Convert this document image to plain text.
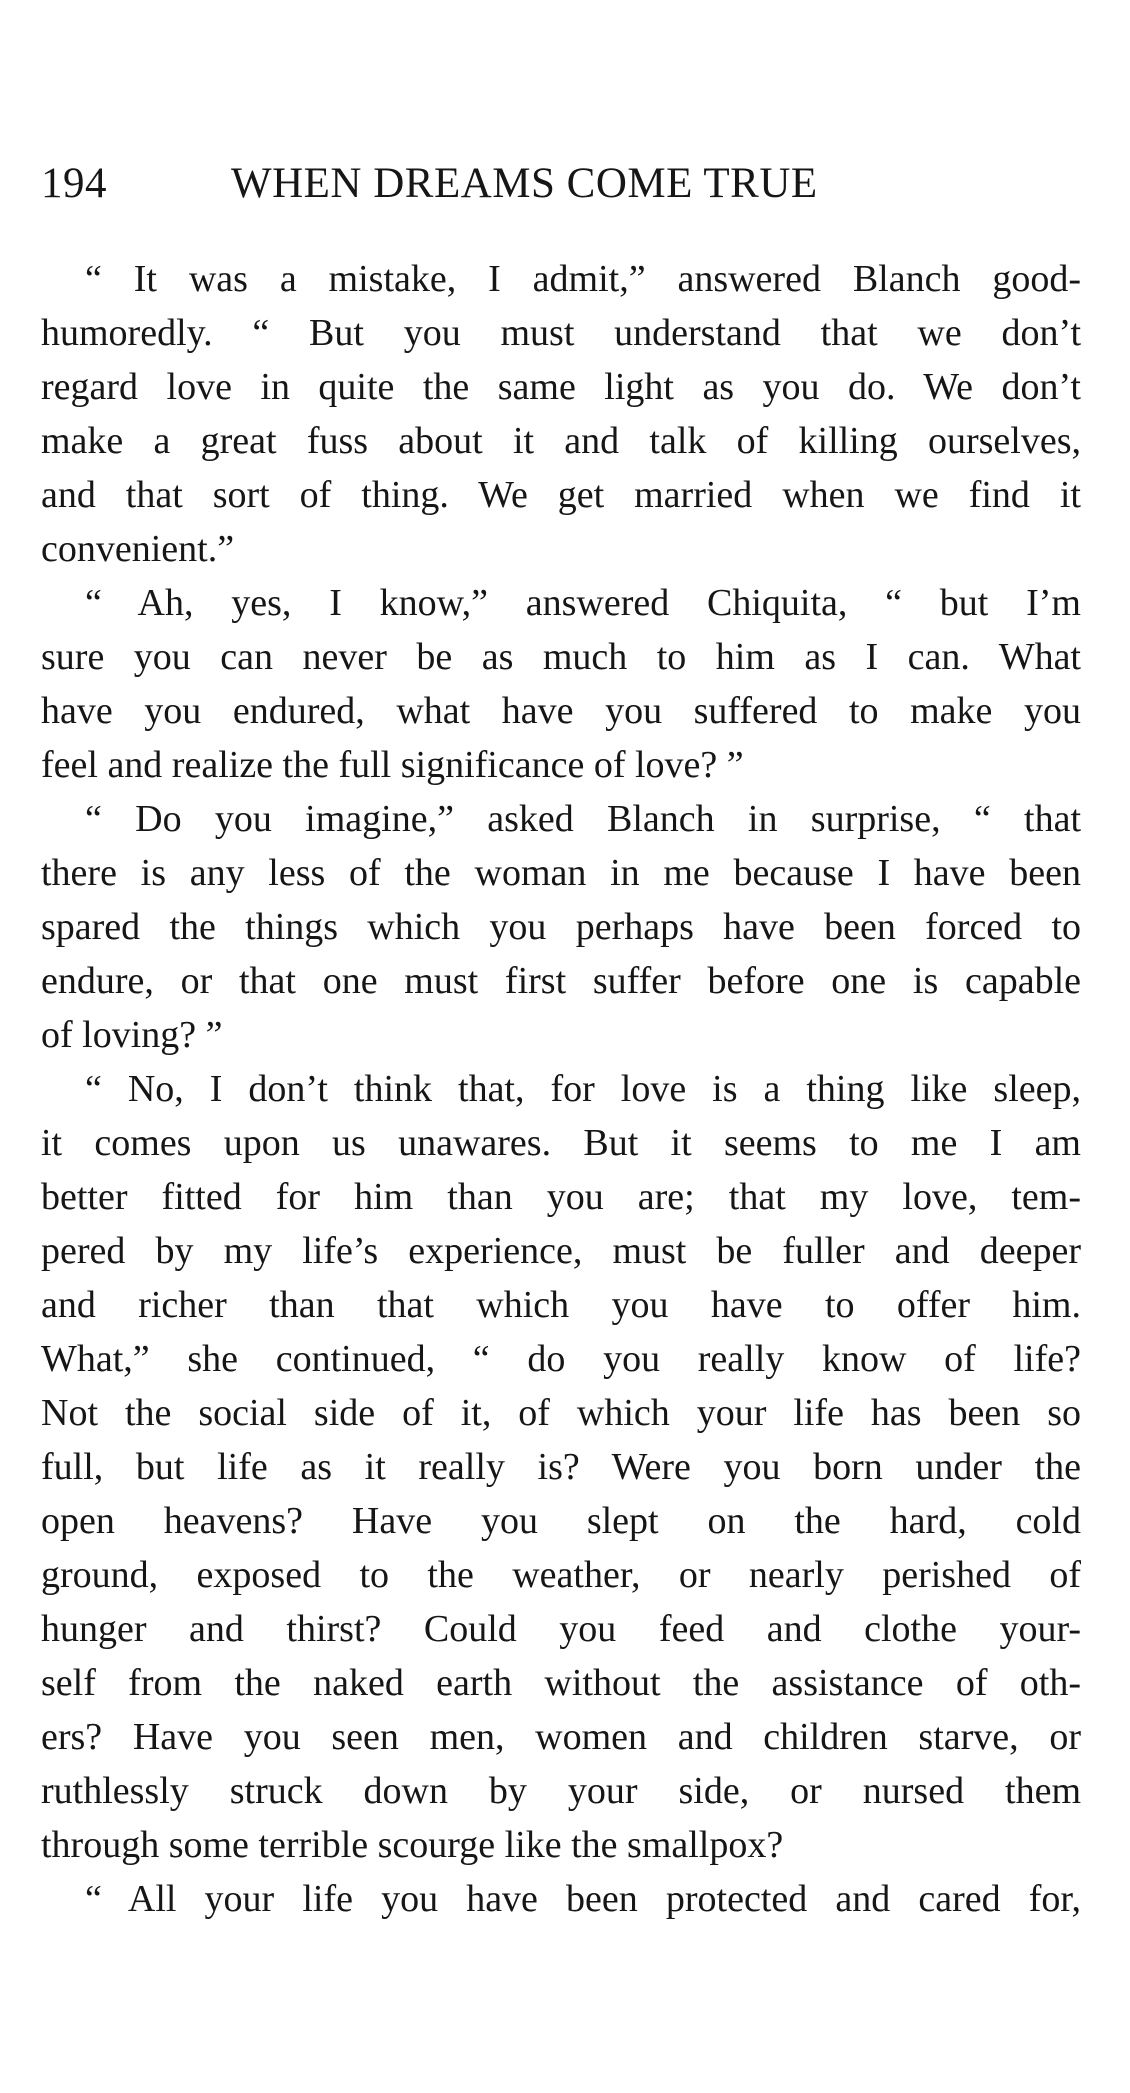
194	WHEN DREAMS COME TRUE
“ It was a mistake, I admit,” answered Blanch good-
humoredly. “ But you must understand that we don’t
regard love in quite the same light as you do. We don’t
make a great fuss about it and talk of killing ourselves,
and that sort of thing. We get married when we find it
convenient.”
“ Ah, yes, I know,” answered Chiquita, “ but I’m
sure you can never be as much to him as I can. What
have you endured, what have you suffered to make you
feel and realize the full significance of love? ”
“ Do you imagine,” asked Blanch in surprise, “ that
there is any less of the woman in me because I have been
spared the things which you perhaps have been forced to
endure, or that one must first suffer before one is capable
of loving? ”
“ No, I don’t think that, for love is a thing like sleep,
it comes upon us unawares. But it seems to me I am
better fitted for him than you are; that my love, tem-
pered by my life’s experience, must be fuller and deeper
and richer than that which you have to offer him.
What,” she continued, “ do you really know of life?
Not the social side of it, of which your life has been so
full, but life as it really is? Were you born under the
open heavens? Have you slept on the hard, cold
ground, exposed to the weather, or nearly perished of
hunger and thirst? Could you feed and clothe your-
self from the naked earth without the assistance of oth-
ers? Have you seen men, women and children starve, or
ruthlessly struck down by your side, or nursed them
through some terrible scourge like the smallpox?
“ All your life you have been protected and cared for,
